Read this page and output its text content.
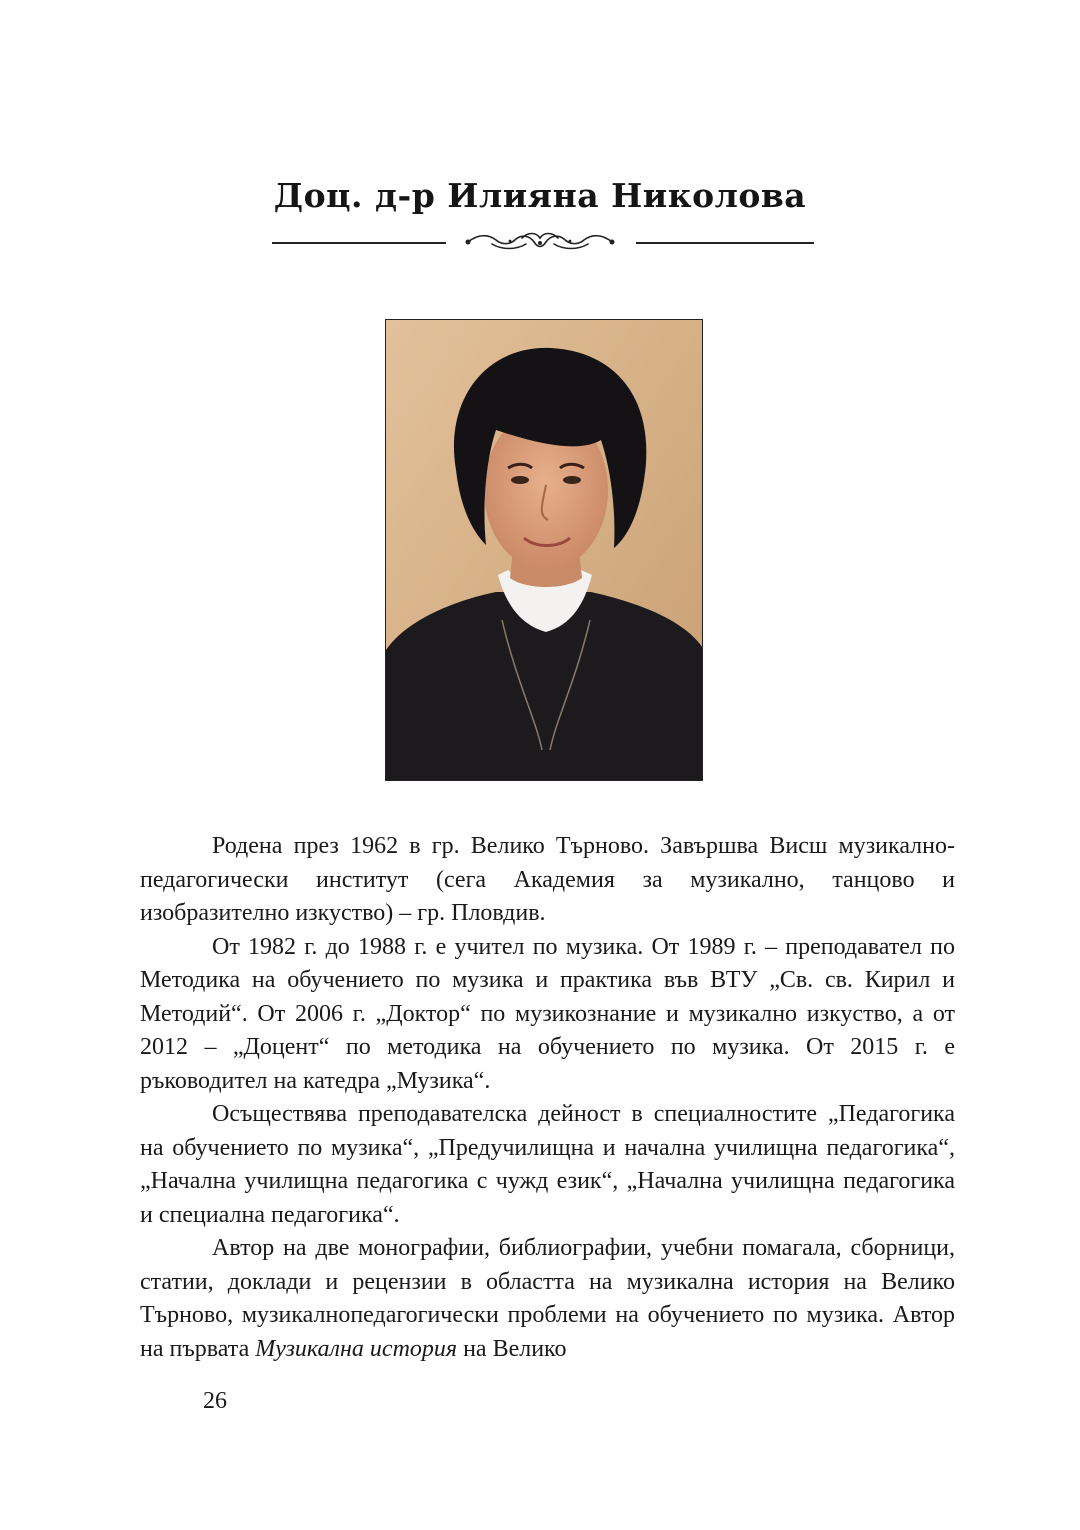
Доц. д-р Илияна Николова

Родена през 1962 в гр. Велико Търново. Завършва Висш музикално-педагогически институт (сега Академия за музикално, танцово и изобразително изкуство) – гр. Пловдив.

От 1982 г. до 1988 г. е учител по музика. От 1989 г. – преподавател по Методика на обучението по музика и практика във ВТУ „Св. св. Кирил и Методий“. От 2006 г. „Доктор“ по музикознание и музикално изкуство, а от 2012 – „Доцент“ по методика на обучението по музика. От 2015 г. е ръководител на катедра „Музика“.

Осъществява преподавателска дейност в специалностите „Педагогика на обучението по музика“, „Предучилищна и начална училищна педагогика“, „Начална училищна педагогика с чужд език“, „Начална училищна педагогика и специална педагогика“.

Автор на две монографии, библиографии, учебни помагала, сборници, статии, доклади и рецензии в областта на музикална история на Велико Търново, музикалнопедагогически проблеми на обучението по музика. Автор на първата Музикална история на Велико

26
